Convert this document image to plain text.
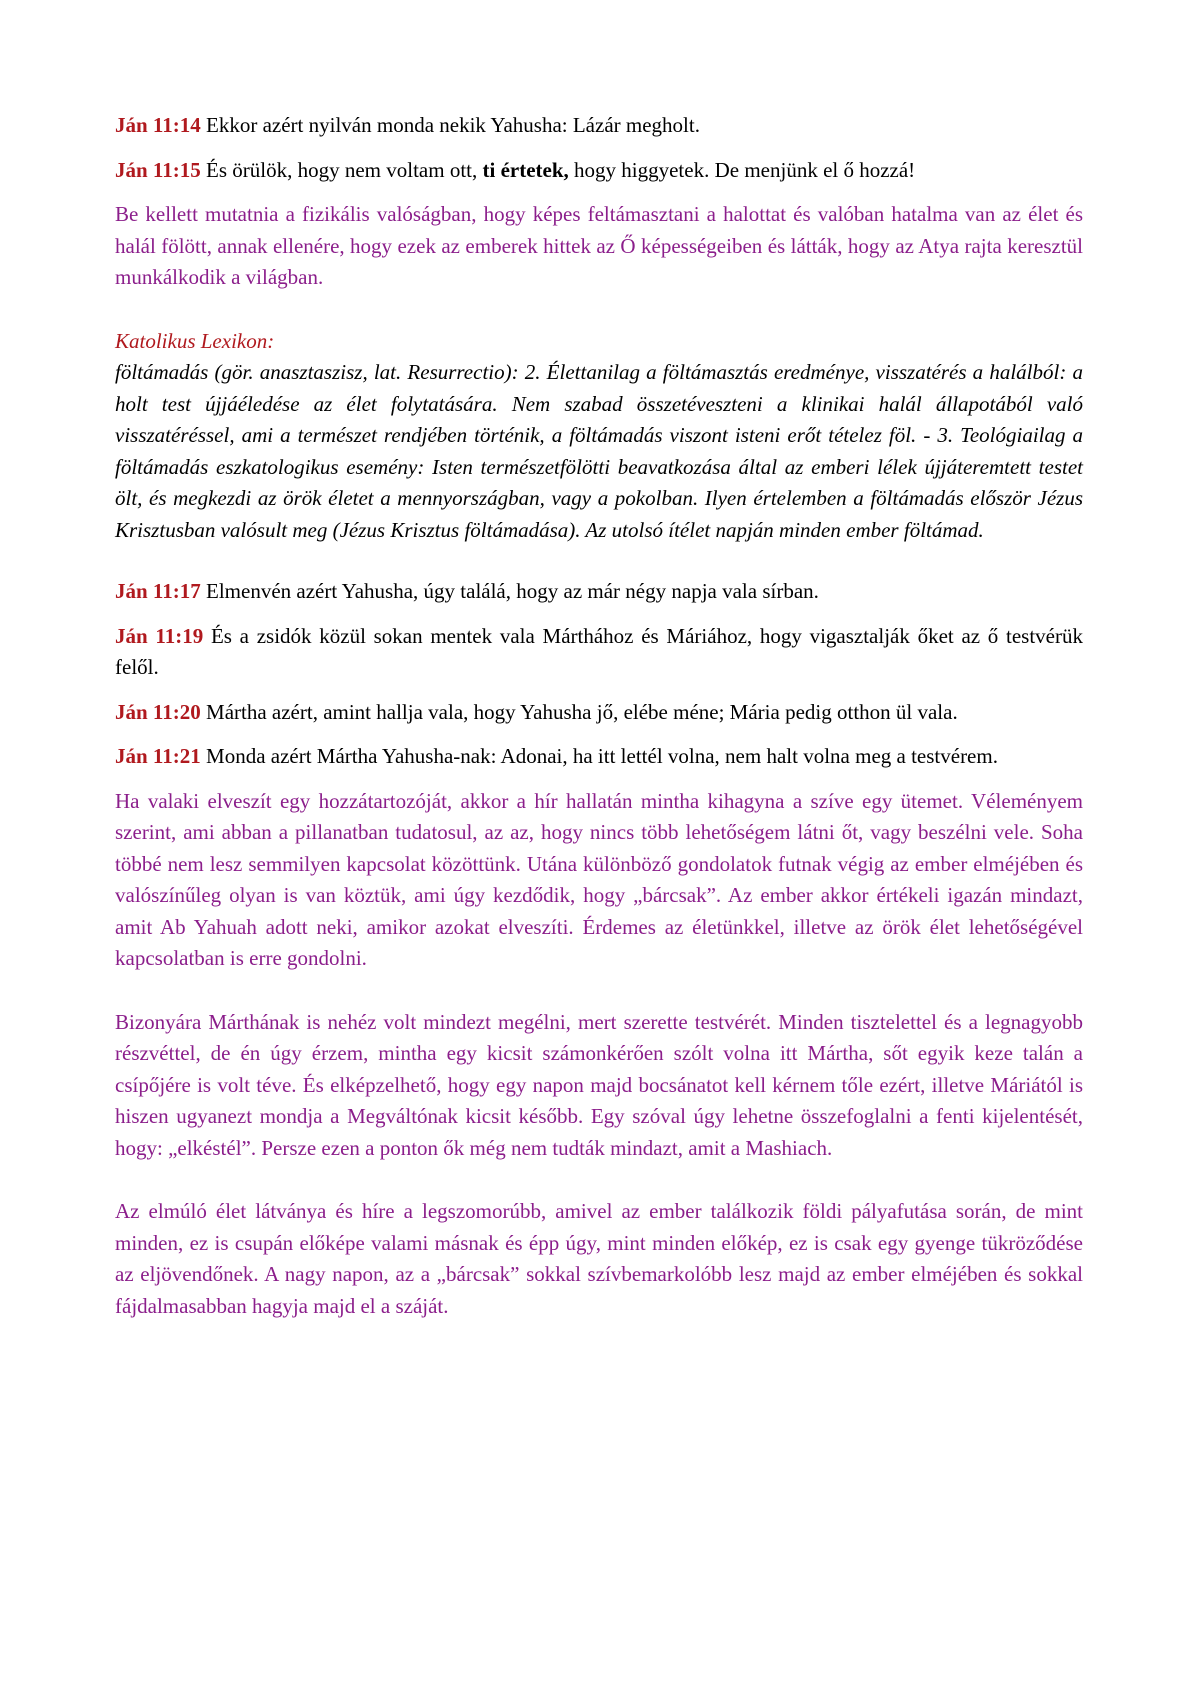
Ján 11:14 Ekkor azért nyilván monda nekik Yahusha: Lázár megholt.

Ján 11:15 És örülök, hogy nem voltam ott, ti értetek, hogy higgyetek. De menjünk el ő hozzá!

Be kellett mutatnia a fizikális valóságban, hogy képes feltámasztani a halottat és valóban hatalma van az élet és halál fölött, annak ellenére, hogy ezek az emberek hittek az Ő képességeiben és látták, hogy az Atya rajta keresztül munkálkodik a világban.

Katolikus Lexikon:

föltámadás (gör. anasztaszisz, lat. Resurrectio): 2. Élettanilag a föltámasztás eredménye, visszatérés a halálból: a holt test újjáéledése az élet folytatására. Nem szabad összetéveszteni a klinikai halál állapotából való visszatéréssel, ami a természet rendjében történik, a föltámadás viszont isteni erőt tételez föl. - 3. Teológiailag a föltámadás eszkatologikus esemény: Isten természetfölötti beavatkozása által az emberi lélek újjáteremtett testet ölt, és megkezdi az örök életet a mennyországban, vagy a pokolban. Ilyen értelemben a föltámadás először Jézus Krisztusban valósult meg (Jézus Krisztus föltámadása). Az utolsó ítélet napján minden ember föltámad.

Ján 11:17 Elmenvén azért Yahusha, úgy találá, hogy az már négy napja vala sírban.

Ján 11:19 És a zsidók közül sokan mentek vala Márthához és Máriához, hogy vigasztalják őket az ő testvérük felől.

Ján 11:20 Mártha azért, amint hallja vala, hogy Yahusha jő, elébe méne; Mária pedig otthon ül vala.

Ján 11:21 Monda azért Mártha Yahusha-nak: Adonai, ha itt lettél volna, nem halt volna meg a testvérem.

Ha valaki elveszít egy hozzátartozóját, akkor a hír hallatán mintha kihagyna a szíve egy ütemet. Véleményem szerint, ami abban a pillanatban tudatosul, az az, hogy nincs több lehetőségem látni őt, vagy beszélni vele. Soha többé nem lesz semmilyen kapcsolat közöttünk. Utána különböző gondolatok futnak végig az ember elméjében és valószínűleg olyan is van köztük, ami úgy kezdődik, hogy „bárcsak”. Az ember akkor értékeli igazán mindazt, amit Ab Yahuah adott neki, amikor azokat elveszíti. Érdemes az életünkkel, illetve az örök élet lehetőségével kapcsolatban is erre gondolni.

Bizonyára Márthának is nehéz volt mindezt megélni, mert szerette testvérét. Minden tisztelettel és a legnagyobb részvéttel, de én úgy érzem, mintha egy kicsit számonkérően szólt volna itt Mártha, sőt egyik keze talán a csípőjére is volt téve. És elképzelhető, hogy egy napon majd bocsánatot kell kérnem tőle ezért, illetve Máriától is hiszen ugyanezt mondja a Megváltónak kicsit később. Egy szóval úgy lehetne összefoglalni a fenti kijelentését, hogy: „elkéstél”. Persze ezen a ponton ők még nem tudták mindazt, amit a Mashiach.

Az elmúló élet látványa és híre a legszomorúbb, amivel az ember találkozik földi pályafutása során, de mint minden, ez is csupán előképe valami másnak és épp úgy, mint minden előkép, ez is csak egy gyenge tükröződése az eljövendőnek. A nagy napon, az a „bárcsak” sokkal szívbemarkolóbb lesz majd az ember elméjében és sokkal fájdalmasabban hagyja majd el a száját.
